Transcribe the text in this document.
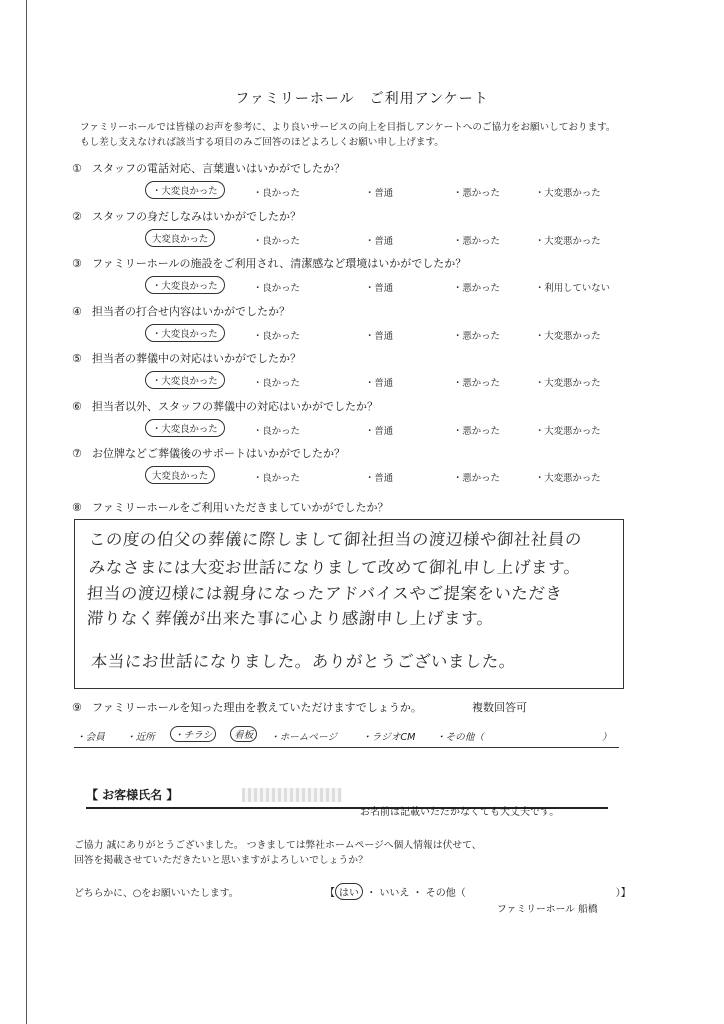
ファミリーホール　ご利用アンケート
ファミリーホールでは皆様のお声を参考に、より良いサービスの向上を目指しアンケートへのご協力をお願いしております。
もし差し支えなければ該当する項目のみご回答のほどよろしくお願い申し上げます。
① スタッフの電話対応、言葉遣いはいかがでしたか？
・大変良かった	・良かった	・普通	・悪かった	・大変悪かった
② スタッフの身だしなみはいかがでしたか？
大変良かった	・良かった	・普通	・悪かった	・大変悪かった
③ ファミリーホールの施設をご利用され、清潔感など環境はいかがでしたか？
・大変良かった	・良かった	・普通	・悪かった	・利用していない
④ 担当者の打合せ内容はいかがでしたか？
・大変良かった	・良かった	・普通	・悪かった	・大変悪かった
⑤ 担当者の葬儀中の対応はいかがでしたか？
・大変良かった	・良かった	・普通	・悪かった	・大変悪かった
⑥ 担当者以外、スタッフの葬儀中の対応はいかがでしたか？
・大変良かった	・良かった	・普通	・悪かった	・大変悪かった
⑦ お位牌などご葬儀後のサポートはいかがでしたか？
大変良かった	・良かった	・普通	・悪かった	・大変悪かった
⑧ ファミリーホールをご利用いただきましていかがでしたか？
この度の伯父の葬儀に際しまして御社担当の渡辺様や御社社員の
みなさまには大変お世話になりまして改めて御礼申し上げます。
担当の渡辺様には親身になったアドバイスやご提案をいただき
滞りなく葬儀が出来た事に心より感謝申し上げます。
本当にお世話になりました。ありがとうございました。
⑨ ファミリーホールを知った理由を教えていただけますでしょうか。	複数回答可
・会員 ・近所	・チラシ	看板	・ホームページ	・ラジオCM ・その他（	）
【 お客様氏名 】
お名前は記載いただかなくても大丈夫です。
ご協力 誠にありがとうございました。 つきましては弊社ホームページへ個人情報は伏せて、
回答を掲載させていただきたいと思いますがよろしいでしょうか？
どちらかに、○をお願いいたします。	【 はい ・ いいえ ・ その他（	）】
ファミリーホール 船橋
